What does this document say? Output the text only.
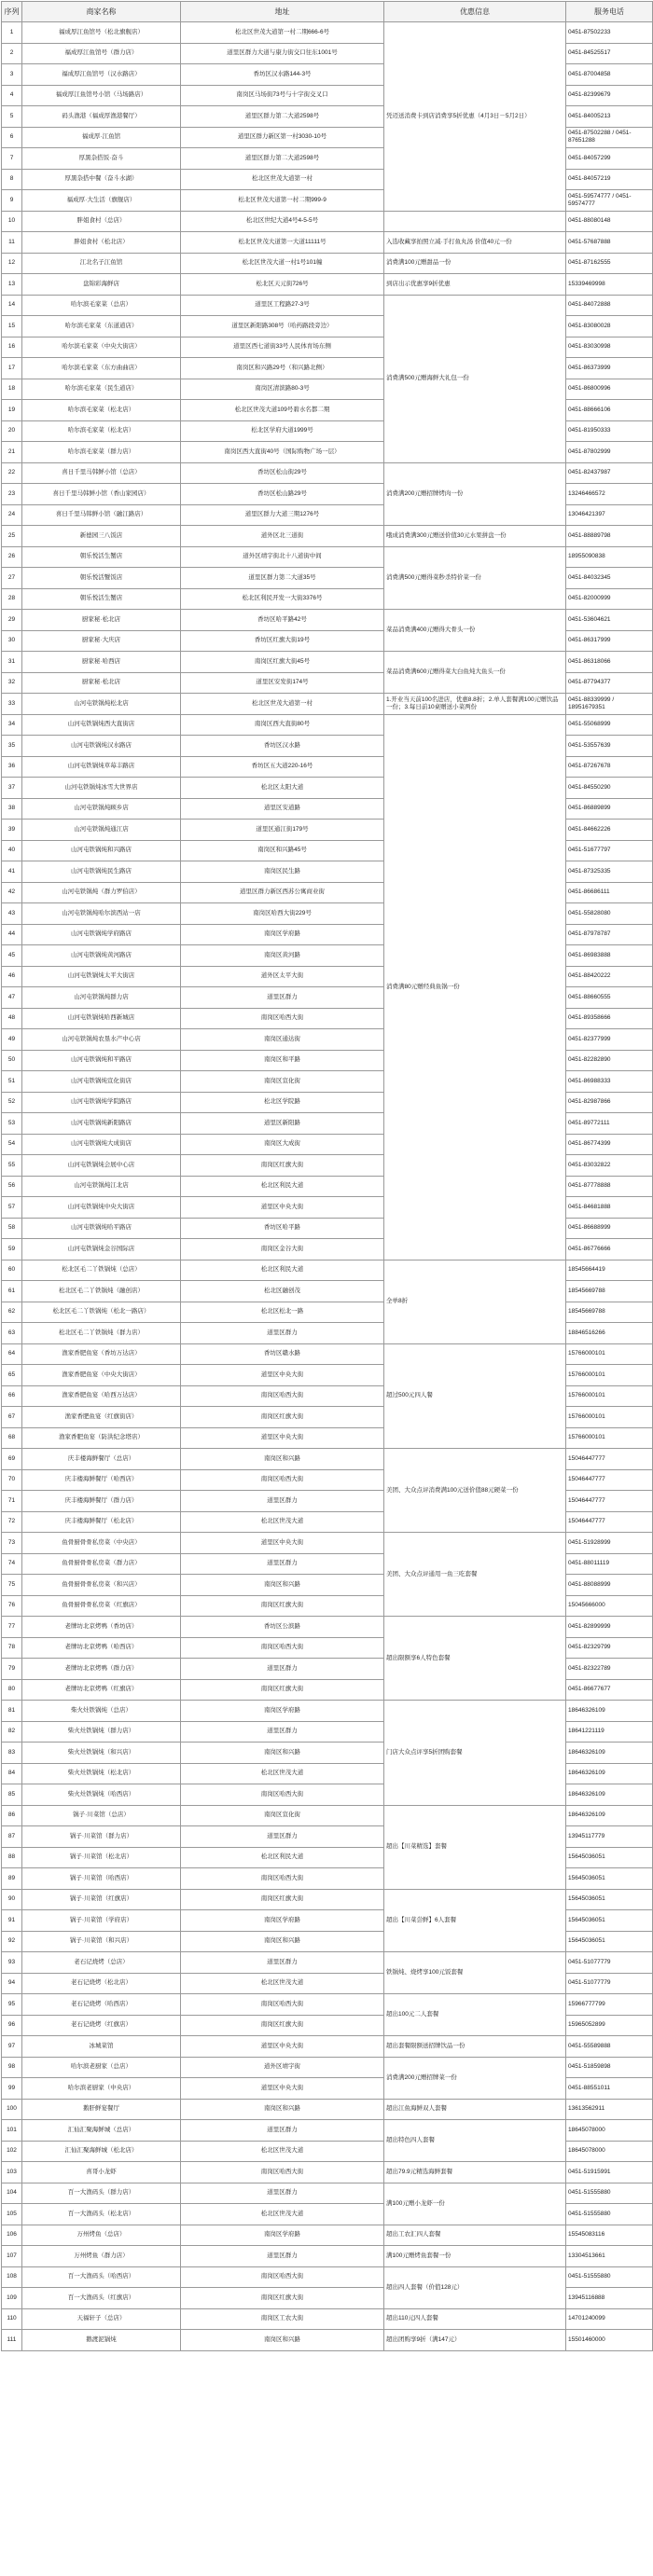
序列	商家名称	地址	优惠信息	服务电话
1	福成厚江鱼馆号（松北旗舰店）	松北区世茂大道第一村二期666-6号	凭迈送消费卡到店消费享5折优惠（4月3日－5月2日）	0451-87502233
2	福成厚江鱼馆号（群力店）	道里区群力大道与康力街交口往东1001号		0451-84525517
3	福成厚江鱼馆号（汉水路店）	香坊区汉水路144-3号		0451-87004858
4	福成厚江鱼馆号小馆（马场路店）	南岗区马场街73号与十字街交叉口		0451-82399679
5	码头渔港（福成厚渔港餐厅）	道里区群力第二大道2598号		0451-84005213
6	福成厚·江鱼馆	道里区群力新区第一村3030-10号		0451-87502288 / 0451-87651288
7	厚黑杂搭饭·奋斗	道里区群力第二大道2598号		0451-84057299
8	厚黑杂搭中餐（奋斗水湖）	松北区世茂大道第一村		0451-84057219
9	福成厚·大生活（旗舰店）	松北区世茂大道第一村二期999-9		0451-59574777 / 0451-59574777
10	胖姐食村（总店）	松北区世纪大道4号4-5-5号		0451-88080148
11	胖姐食村（松北店）	松北区世茂大道第一大道11111号	入选收藏享拍照立减·手打鱼丸汤 价值40元一份	0451-57687888
12	江北名子江鱼馆	松北区世茂大道一村1号101幢	消费满100元赠甜品一份	0451-87162555
13	盘锦彩海鲜店	松北区天元街726号	到店出示优惠享9折优惠	15339469998
14	哈尔滨毛家菜（总店）	道里区工程路27-3号	消费满500元赠海鲜大礼包一份	0451-84072888
15	哈尔滨毛家菜（东道道店）	道里区新阳路308号（哈药路段旁边）		0451-83080028
16	哈尔滨毛家菜（中央大街店）	道里区西七道街33号人民体育场东侧		0451-83030998
17	哈尔滨毛家菜（东方曲曲店）	南岗区和兴路29号（和兴路北侧）		0451-86373999
18	哈尔滨毛家菜（民生道店）	南岗区清滨路80-3号		0451-86800996
19	哈尔滨毛家菜（松北店）	松北区世茂大道109号碧水名都二期		0451-88666106
20	哈尔滨毛家菜（松北店）	松北区学府大道1999号		0451-81950333
21	哈尔滨毛家菜（群力店）	南岗区西大直街40号（国际购物广场一层）		0451-87802999
22	喜日千里马韩鲜小馆（总店）	香坊区松山街29号	消费满200元赠招牌烤肉一份	0451-82437987
23	喜日千里马韩鲜小馆（香山家园店）	香坊区松山路29号		13246466572
24	喜日千里马韩鲜小馆（融江路店）	道里区群力大道三期1276号		13046421397
25	新德园三八饭店	道外区北三道街	哦成消费满300元赠送价值30元水果拼盘一份	0451-88889798
26	朝乐悦活生蟹店	道外区靖宇街北十八道街中间	消费满500元赠得菜秒杀特价菜一份	18955090838
27	朝乐悦活蟹饭店	道里区群力第二大道35号		0451-84032345
28	朝乐悦活生蟹店	松北区利民开发一大街3376号		0451-82000999
29	厨家秘·松北店	香坊区哈平路42号	菜品消费满400元赠得大骨头一份	0451-53604621
30	厨家秘·大庆店	香坊区红旗大街19号		0451-86317999
31	厨家秘·哈西店	南岗区红旗大街45号	菜品消费满600元赠得菜大白鱼炖大鱼头一份	0451-86318066
32	厨家秘·松北店	道里区安发街174号		0451-87794377
33	山河屯铁锅炖松北店	松北区世茂大道第一村	1.开业当天前100名进店，优惠8.8折；2.单人套餐满100元赠饮品一份；3.每日前10桌赠送小菜两份	0451-88339999 / 18951679351
34	山河屯铁锅炖西大直街店	南岗区西大直街80号	消费满80元赠经典鱼锅一份	0451-55068999
35	山河屯铁锅炖汉水路店	香坊区汉水路		0451-53557639
36	山河屯铁锅炖草莓丰路店	香坊区五大道220-16号		0451-87267678
37	山河屯铁锅炖冰雪大世界店	松北区太阳大道		0451-84550290
38	山河屯铁锅炖顾乡店	道里区安道路		0451-86889899
39	山河屯铁锅炖通江店	道里区通江街179号		0451-84662226
40	山河屯铁锅炖和兴路店	南岗区和兴路45号		0451-51677797
41	山河屯铁锅炖民生路店	南岗区民生路		0451-87325335
42	山河屯铁锅炖（群力罗伯店）	道里区群力新区西苏公寓商业街		0451-86686111
43	山河屯铁锅炖哈尔滨西站一店	南岗区哈西大街229号		0451-55828080
44	山河屯铁锅炖学府路店	南岗区学府路		0451-87978787
45	山河屯铁锅炖黄河路店	南岗区黄河路		0451-86983888
46	山河屯铁锅炖太平大街店	道外区太平大街		0451-88420222
47	山河屯铁锅炖群力店	道里区群力		0451-88660555
48	山河屯铁锅炖哈西新城店	南岗区哈西大街		0451-89358666
49	山河屯铁锅炖农垦水产中心店	南岗区通达街		0451-82377999
50	山河屯铁锅炖和平路店	南岗区和平路		0451-82282890
51	山河屯铁锅炖宣化街店	南岗区宣化街		0451-86988333
52	山河屯铁锅炖学院路店	松北区学院路		0451-82987866
53	山河屯铁锅炖新阳路店	道里区新阳路		0451-89772111
54	山河屯铁锅炖大成街店	南岗区大成街		0451-86774399
55	山河屯铁锅炖会展中心店	南岗区红旗大街		0451-83032822
56	山河屯铁锅炖江北店	松北区利民大道		0451-87778888
57	山河屯铁锅炖中央大街店	道里区中央大街		0451-84681888
58	山河屯铁锅炖哈平路店	香坊区哈平路		0451-86688999
59	山河屯铁锅炖金谷国际店	南岗区金谷大街		0451-86776666
60	松北区毛二丫铁锅炖（总店）	松北区利民大道	全单8折	18545664419
61	松北区毛二丫铁锅炖（融创店）	松北区融创茂		18545669788
62	松北区毛二丫铁锅炖（松北一路店）	松北区松北一路		18545669788
63	松北区毛二丫铁锅炖（群力店）	道里区群力		18846516266
64	渔家香肥鱼宴（香坊万达店）	香坊区赣水路	超过500元四人餐	15766000101
65	渔家香肥鱼宴（中央大街店）	道里区中央大街		15766000101
66	渔家香肥鱼宴（哈西万达店）	南岗区哈西大街		15766000101
67	渔家香肥鱼宴（红旗街店）	南岗区红旗大街		15766000101
68	渔家香肥鱼宴（防洪纪念塔店）	道里区中央大街		15766000101
69	庆丰楼海鲜餐厅（总店）	南岗区和兴路	美团、大众点评消费满100元送价值88元硬菜一份	15046447777
70	庆丰楼海鲜餐厅（哈西店）	南岗区哈西大街		15046447777
71	庆丰楼海鲜餐厅（群力店）	道里区群力		15046447777
72	庆丰楼海鲜餐厅（松北店）	松北区世茂大道		15046447777
73	鱼骨厨骨骨私房菜（中央店）	道里区中央大街	美团、大众点评通用一鱼三吃套餐	0451-51928999
74	鱼骨厨骨骨私房菜（群力店）	道里区群力		0451-88011119
75	鱼骨厨骨骨私房菜（和兴店）	南岗区和兴路		0451-88088999
76	鱼骨厨骨骨私房菜（红旗店）	南岗区红旗大街		15045666000
77	老牌坊北京烤鸭（香坊店）	香坊区公滨路	超出限额享6人特色套餐	0451-82899999
78	老牌坊北京烤鸭（哈西店）	南岗区哈西大街		0451-82329799
79	老牌坊北京烤鸭（群力店）	道里区群力		0451-82322789
80	老牌坊北京烤鸭（红旗店）	南岗区红旗大街		0451-86677677
81	柴火灶铁锅炖（总店）	南岗区学府路	门店大众点评享5折团购套餐	18646326109
82	柴火灶铁锅炖（群力店）	道里区群力		18641221119
83	柴火灶铁锅炖（和兴店）	南岗区和兴路		18646326109
84	柴火灶铁锅炖（松北店）	松北区世茂大道		18646326109
85	柴火灶铁锅炖（哈西店）	南岗区哈西大街		18646326109
86	锅子·川菜馆（总店）	南岗区宣化街	超出【川菜精选】套餐	18646326109
87	锅子·川菜馆（群力店）	道里区群力		13945117779
88	锅子·川菜馆（松北店）	松北区利民大道		15645036051
89	锅子·川菜馆（哈西店）	南岗区哈西大街		15645036051
90	锅子·川菜馆（红旗店）	南岗区红旗大街	超出【川菜尝鲜】6人套餐	15645036051
91	锅子·川菜馆（学府店）	南岗区学府路		15645036051
92	锅子·川菜馆（和兴店）	南岗区和兴路		15645036051
93	老石记烧烤（总店）	道里区群力	铁锅炖、烧烤享100元饭套餐	0451-51077779
94	老石记烧烤（松北店）	松北区世茂大道		0451-51077779
95	老石记烧烤（哈西店）	南岗区哈西大街	超出100元二人套餐	15966777799
96	老石记烧烤（红旗店）	南岗区红旗大街		15965052899
97	冰城菜馆	道里区中央大街	超出套餐限额送招牌饮品一份	0451-55589888
98	哈尔滨老厨家（总店）	道外区靖宇街	消费满200元赠招牌菜一份	0451-51859898
99	哈尔滨老厨家（中央店）	道里区中央大街		0451-88551011
100	鹅肝鲜宴餐厅	南岗区和兴路	超出江鱼海鲜双人套餐	13613562911
101	汇仙汇聚海鲜城（总店）	道里区群力	超出特色四人套餐	18645078000
102	汇仙汇聚海鲜城（松北店）	松北区世茂大道		18645078000
103	喜哥小龙虾	南岗区哈西大街	超出79.9元精选海鲜套餐	0451-51915991
104	百一大渔码头（群力店）	道里区群力	满100元赠小龙虾一份	0451-51555880
105	百一大渔码头（松北店）	松北区世茂大道		0451-51555880
106	万州烤鱼（总店）	南岗区学府路	超出工农汇四人套餐	15545083116
107	万州烤鱼（群力店）	道里区群力	满100元赠烤鱼套餐一份	13304513661
108	百一大渔码头（哈西店）	南岗区哈西大街	超出四人套餐（价值128元）	0451-51555880
109	百一大渔码头（红旗店）	南岗区红旗大街		13945116888
110	天福轩子（总店）	南岗区工农大街	超出110元四人套餐	14701240099
111	鹅渡泥锅炖	南岗区和兴路	超出团购享9折（满147元）	15501460000
